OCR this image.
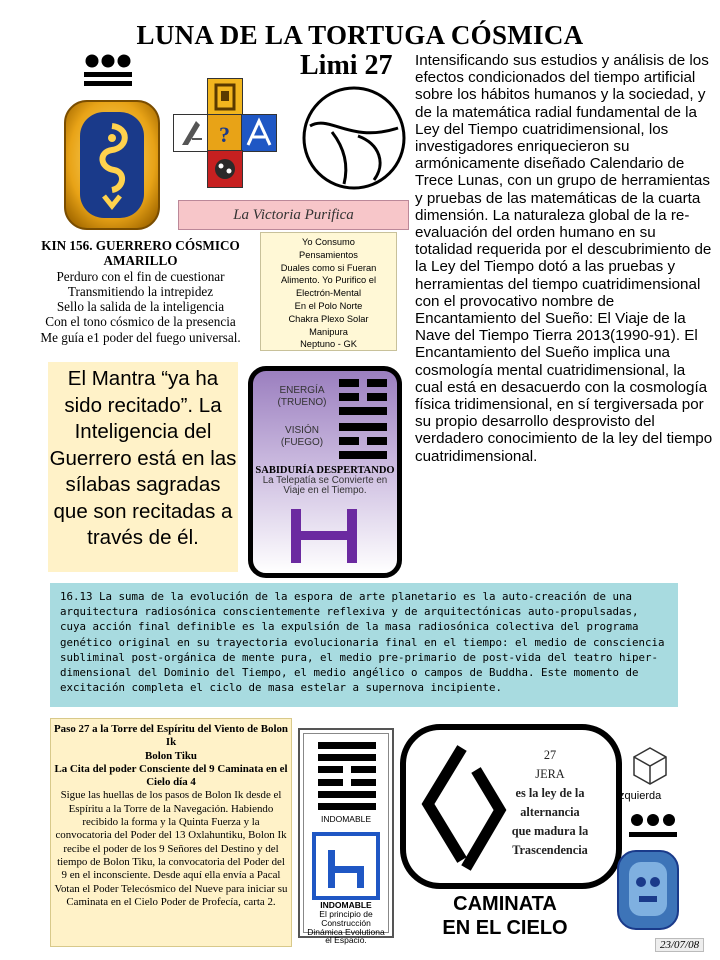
LUNA DE LA TORTUGA CÓSMICA
Limi 27
?
Intensificando sus estudios y análisis de los efectos condicionados del tiempo artificial sobre los hábitos humanos y la sociedad, y de la matemática radial fundamental de la Ley del Tiempo cuatridimensional, los investigadores enriquecieron su armónicamente diseñado Calendario de Trece Lunas, con un grupo de herramientas y pruebas de las matemáticas de la cuarta dimensión. La naturaleza global de la re-evaluación del orden humano en su totalidad requerida por el descubrimiento de la Ley del Tiempo dotó a las pruebas y herramientas del tiempo cuatridimensional con el provocativo nombre de Encantamiento del Sueño: El Viaje de la Nave del Tiempo Tierra 2013(1990-91). El Encantamiento del Sueño implica una cosmología mental cuatridimensional, la cual está en desacuerdo con la cosmología física tridimensional, en sí tergiversada por su propio desarrollo desprovisto del verdadero conocimiento de la ley del tiempo cuatridimensional.
La Victoria Purifica
KIN 156. GUERRERO CÓSMICO AMARILLO
Perduro con el fin de cuestionar
Transmitiendo la intrepidez
Sello la salida de la inteligencia
Con el tono cósmico de la presencia
Me guía e1 poder del fuego universal.
Yo Consumo
Pensamientos
Duales como si Fueran
Alimento. Yo Purifico el
Electrón-Mental
En el Polo Norte
Chakra Plexo Solar
Manipura
Neptuno - GK
El Mantra “ya ha sido recitado”. La Inteligencia del Guerrero está en las sílabas sagradas que son recitadas a través de él.
ENERGÍA (TRUENO)
VISIÓN (FUEGO)
SABIDURÍA DESPERTANDO
La Telepatía se Convierte en Viaje en el Tiempo.
16.13 La suma de la evolución de la espora de arte planetario es la auto-creación de una arquitectura radiosónica conscientemente reflexiva y de arquitectónicas auto-propulsadas, cuya acción final definible es la expulsión de la masa radiosónica colectiva del programa genético original en su trayectoria evolucionaria final en el tiempo: el medio de consciencia subliminal post-orgánica de mente pura, el medio pre-primario de post-vida del teatro hiper-dimensional del Dominio del Tiempo, el medio angélico o campos de Buddha. Este momento de excitación completa el ciclo de masa estelar a supernova incipiente.
Paso 27 a la Torre del Espíritu del Viento de Bolon Ik
Bolon Tiku
La Cita del poder Consciente del 9 Caminata en el Cielo día 4
Sigue las huellas de los pasos de Bolon Ik desde el Espíritu a la Torre de la Navegación. Habiendo recibido la forma y la Quinta Fuerza y la convocatoria del Poder del 13 Oxlahuntiku, Bolon Ik recibe el poder de los 9 Señores del Destino y del tiempo de Bolon Tiku, la convocatoria del Poder del 9 en el inconsciente. Desde aquí ella envía a Pacal Votan el Poder Telecósmico del Nueve para iniciar su Caminata en el Cielo Poder de Profecía, carta 2.
INDOMABLE
INDOMABLE
El principio de Construcción Dinámica Evolutiona el Espacio.
27
JERA
es la ley de la
alternancia
que madura la
Trascendencia
CAMINATA
EN EL CIELO
Izquierda
23/07/08
